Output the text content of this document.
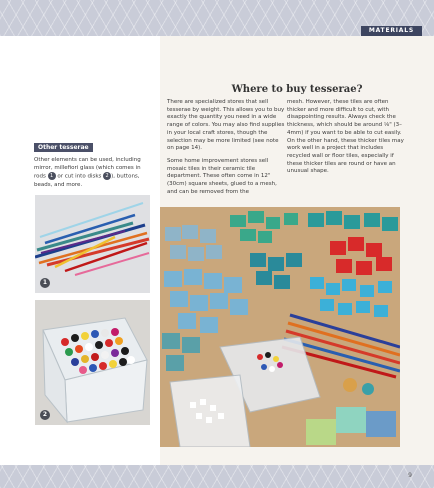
MATERIALS
Where to buy tesserae?

There are specialized stores that sell tesserae by weight. This allows you to buy exactly the quantity you need in a wide range of colors. You may also find supplies in your local craft stores, though the selection may be more limited (see note on page 14).

Some home improvement stores sell mosaic tiles in their ceramic tile department. These often come in 12" (30cm) square sheets, glued to a mesh, and can be removed from the

mesh. However, these tiles are often thicker and more difficult to cut, with disappointing results. Always check the thickness, which should be around ⅛" (3–4mm) if you want to be able to cut easily. On the other hand, these thicker tiles may work well in a project that includes recycled wall or floor tiles, especially if these thicker tiles are round or have an unusual shape.

Other tesserae
Other elements can be used, including mirror, millefiori glass (which comes in rods 1 or cut into disks 2 ), buttons, beads, and more.
1
2
9
